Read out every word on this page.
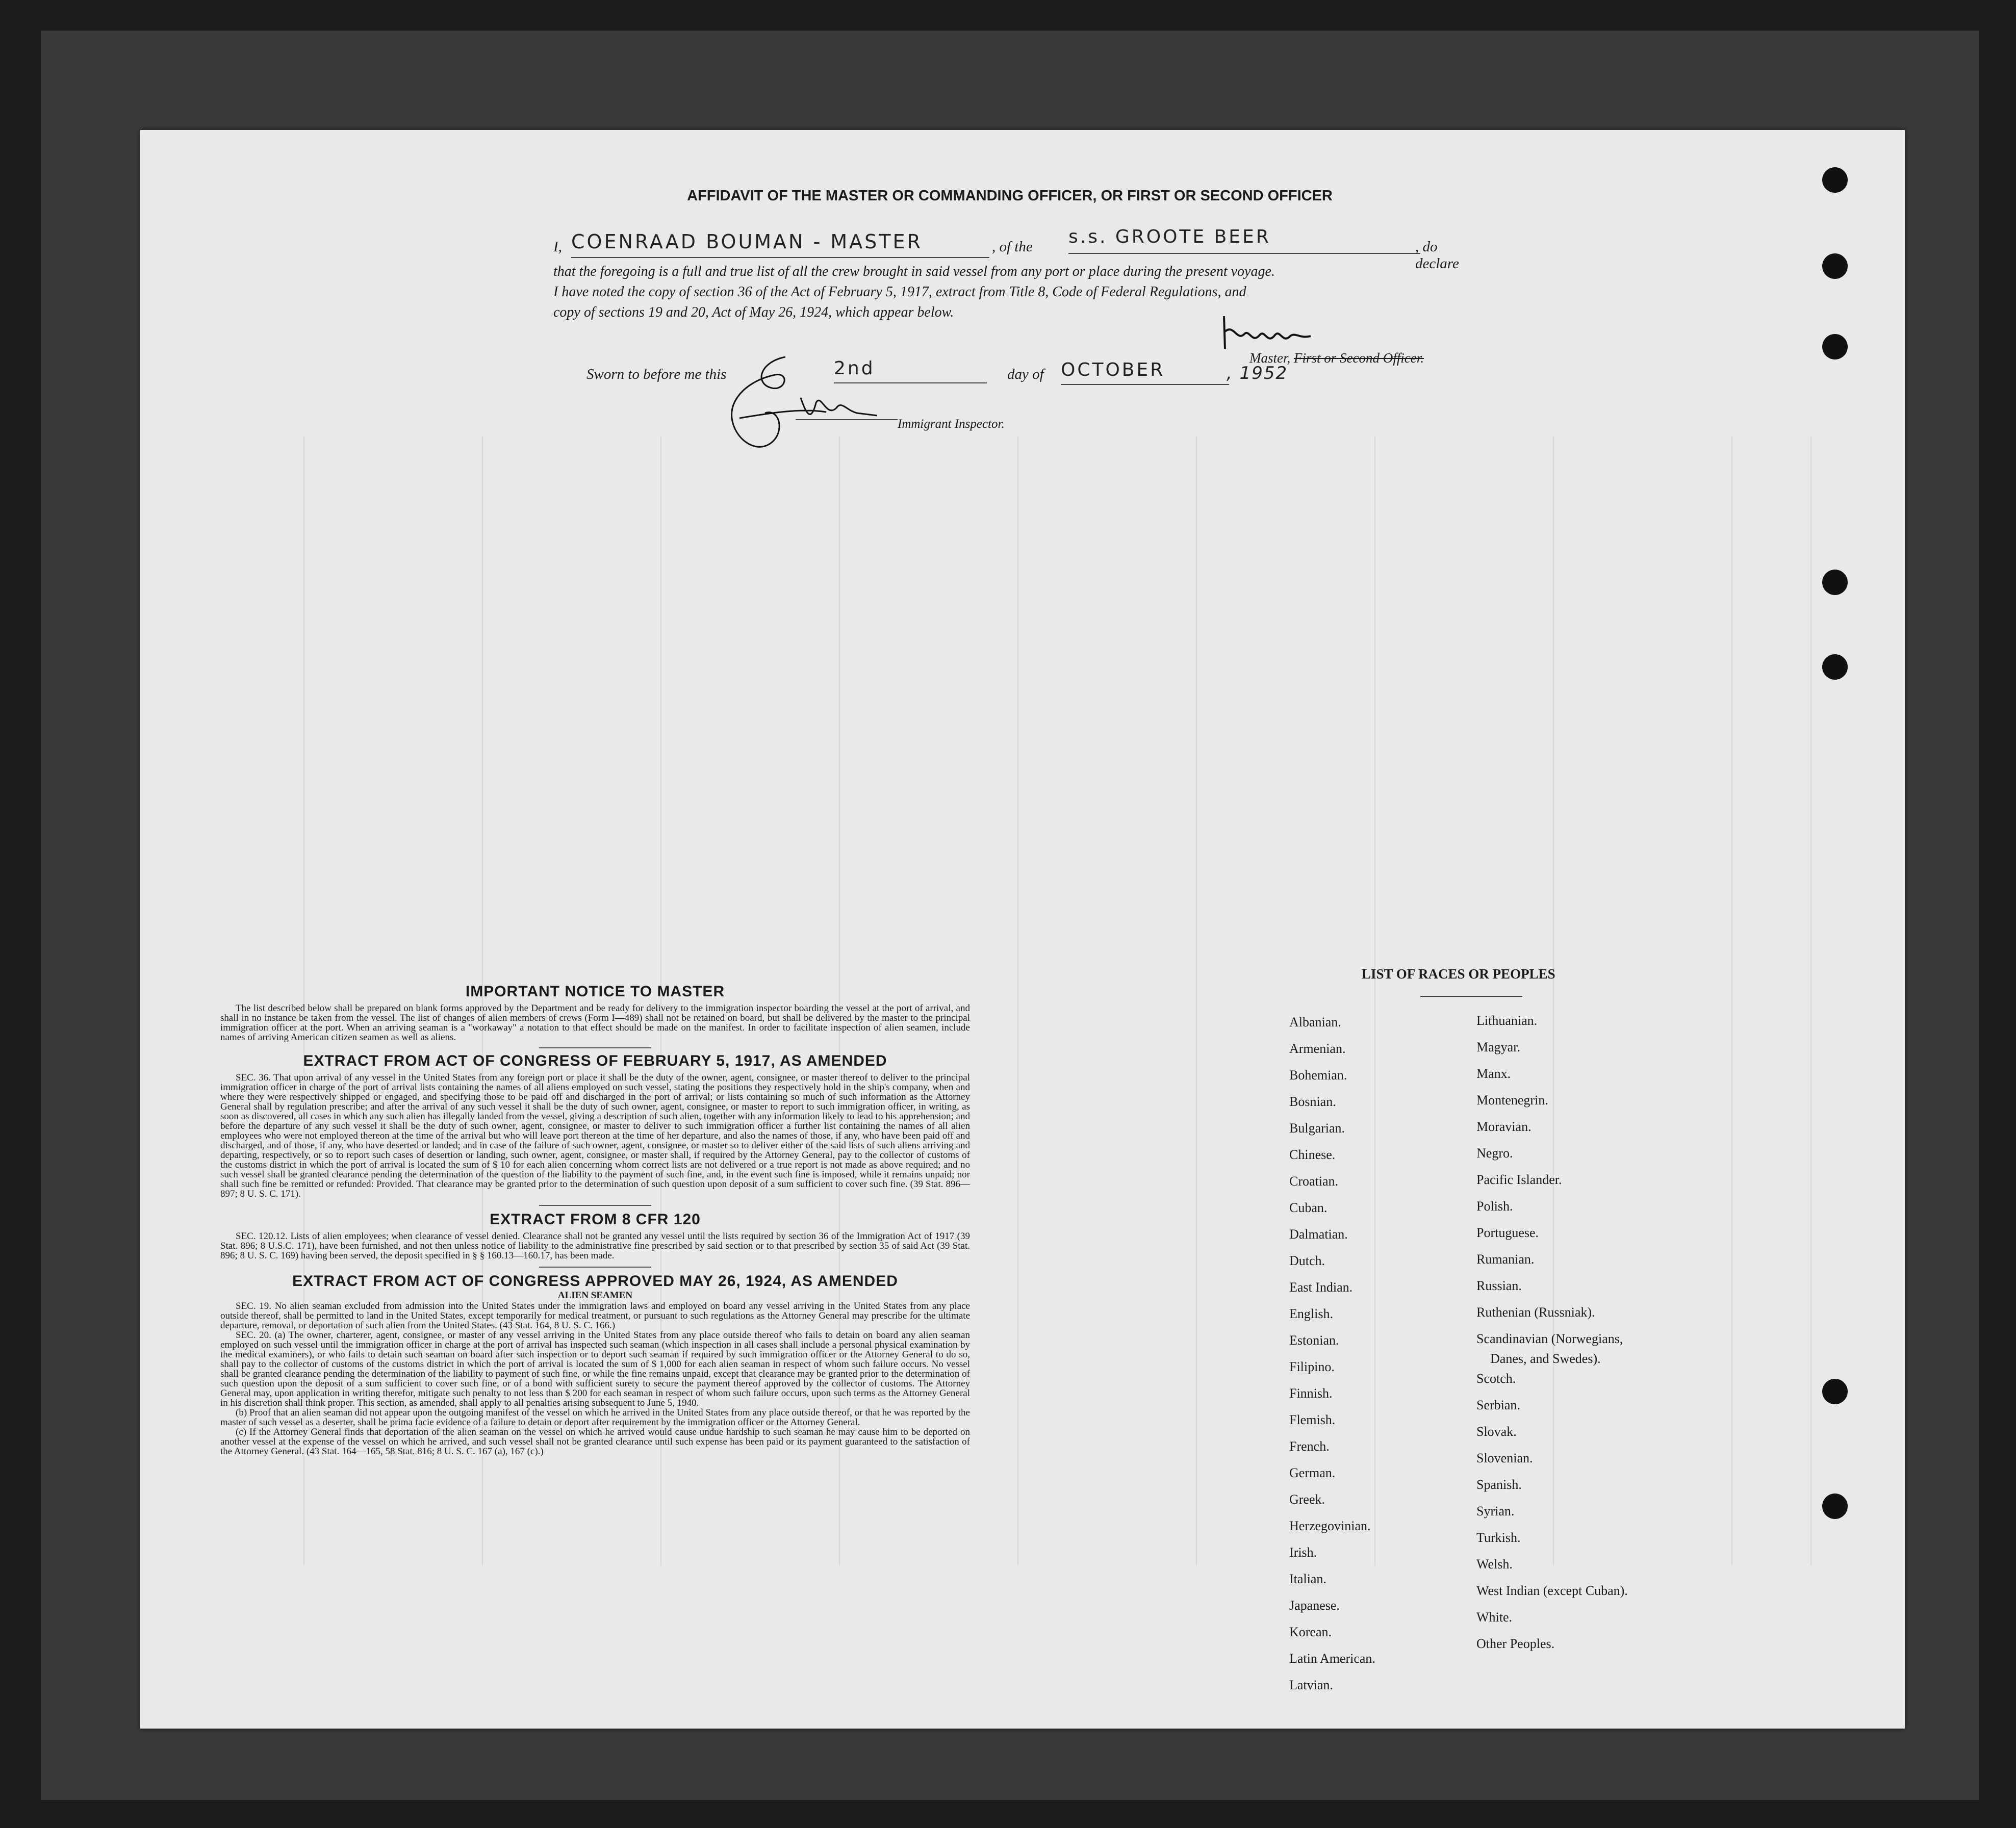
AFFIDAVIT OF THE MASTER OR COMMANDING OFFICER, OR FIRST OR SECOND OFFICER
I, COENRAAD BOUMAN - MASTER	, of the s.s. GROOTE BEER	, do declare
that the foregoing is a full and true list of all the crew brought in said vessel from any port or place during the present voyage.
I have noted the copy of section 36 of the Act of February 5, 1917, extract from Title 8, Code of Federal Regulations, and
copy of sections 19 and 20, Act of May 26, 1924, which appear below.
Master, First or Second Officer.
Sworn to before me this	2nd	day of OCTOBER	, 1952
Immigrant Inspector.
IMPORTANT NOTICE TO MASTER
The list described below shall be prepared on blank forms approved by the Department and be ready for delivery to the immigration inspector boarding the vessel at the port of arrival, and shall in no instance be taken from the vessel. The list of changes of alien members of crews (Form I—489) shall not be retained on board, but shall be delivered by the master to the principal immigration officer at the port. When an arriving seaman is a "workaway" a notation to that effect should be made on the manifest. In order to facilitate inspection of alien seamen, include names of arriving American citizen seamen as well as aliens.
EXTRACT FROM ACT OF CONGRESS OF FEBRUARY 5, 1917, AS AMENDED
SEC. 36. That upon arrival of any vessel in the United States from any foreign port or place it shall be the duty of the owner, agent, consignee, or master thereof to deliver to the principal immigration officer in charge of the port of arrival lists containing the names of all aliens employed on such vessel, stating the positions they respectively hold in the ship's company, when and where they were respectively shipped or engaged, and specifying those to be paid off and discharged in the port of arrival; or lists containing so much of such information as the Attorney General shall by regulation prescribe; and after the arrival of any such vessel it shall be the duty of such owner, agent, consignee, or master to report to such immigration officer, in writing, as soon as discovered, all cases in which any such alien has illegally landed from the vessel, giving a description of such alien, together with any information likely to lead to his apprehension; and before the departure of any such vessel it shall be the duty of such owner, agent, consignee, or master to deliver to such immigration officer a further list containing the names of all alien employees who were not employed thereon at the time of the arrival but who will leave port thereon at the time of her departure, and also the names of those, if any, who have been paid off and discharged, and of those, if any, who have deserted or landed; and in case of the failure of such owner, agent, consignee, or master so to deliver either of the said lists of such aliens arriving and departing, respectively, or so to report such cases of desertion or landing, such owner, agent, consignee, or master shall, if required by the Attorney General, pay to the collector of customs of the customs district in which the port of arrival is located the sum of $ 10 for each alien concerning whom correct lists are not delivered or a true report is not made as above required; and no such vessel shall be granted clearance pending the determination of the question of the liability to the payment of such fine, and, in the event such fine is imposed, while it remains unpaid; nor shall such fine be remitted or refunded: Provided. That clearance may be granted prior to the determination of such question upon deposit of a sum sufficient to cover such fine. (39 Stat. 896—897; 8 U. S. C. 171).
EXTRACT FROM 8 CFR 120
SEC. 120.12. Lists of alien employees; when clearance of vessel denied. Clearance shall not be granted any vessel until the lists required by section 36 of the Immigration Act of 1917 (39 Stat. 896; 8 U.S.C. 171), have been furnished, and not then unless notice of liability to the administrative fine prescribed by said section or to that prescribed by section 35 of said Act (39 Stat. 896; 8 U. S. C. 169) having been served, the deposit specified in § § 160.13—160.17, has been made.
EXTRACT FROM ACT OF CONGRESS APPROVED MAY 26, 1924, AS AMENDED
ALIEN SEAMEN
SEC. 19. No alien seaman excluded from admission into the United States under the immigration laws and employed on board any vessel arriving in the United States from any place outside thereof, shall be permitted to land in the United States, except temporarily for medical treatment, or pursuant to such regulations as the Attorney General may prescribe for the ultimate departure, removal, or deportation of such alien from the United States. (43 Stat. 164, 8 U. S. C. 166.)
SEC. 20. (a) The owner, charterer, agent, consignee, or master of any vessel arriving in the United States from any place outside thereof who fails to detain on board any alien seaman employed on such vessel until the immigration officer in charge at the port of arrival has inspected such seaman (which inspection in all cases shall include a personal physical examination by the medical examiners), or who fails to detain such seaman on board after such inspection or to deport such seaman if required by such immigration officer or the Attorney General to do so, shall pay to the collector of customs of the customs district in which the port of arrival is located the sum of $ 1,000 for each alien seaman in respect of whom such failure occurs. No vessel shall be granted clearance pending the determination of the liability to payment of such fine, or while the fine remains unpaid, except that clearance may be granted prior to the determination of such question upon the deposit of a sum sufficient to cover such fine, or of a bond with sufficient surety to secure the payment thereof approved by the collector of customs. The Attorney General may, upon application in writing therefor, mitigate such penalty to not less than $ 200 for each seaman in respect of whom such failure occurs, upon such terms as the Attorney General in his discretion shall think proper. This section, as amended, shall apply to all penalties arising subsequent to June 5, 1940.
(b) Proof that an alien seaman did not appear upon the outgoing manifest of the vessel on which he arrived in the United States from any place outside thereof, or that he was reported by the master of such vessel as a deserter, shall be prima facie evidence of a failure to detain or deport after requirement by the immigration officer or the Attorney General.
(c) If the Attorney General finds that deportation of the alien seaman on the vessel on which he arrived would cause undue hardship to such seaman he may cause him to be deported on another vessel at the expense of the vessel on which he arrived, and such vessel shall not be granted clearance until such expense has been paid or its payment guaranteed to the satisfaction of the Attorney General. (43 Stat. 164—165, 58 Stat. 816; 8 U. S. C. 167 (a), 167 (c).)
LIST OF RACES OR PEOPLES
Albanian.
Armenian.
Bohemian.
Bosnian.
Bulgarian.
Chinese.
Croatian.
Cuban.
Dalmatian.
Dutch.
East Indian.
English.
Estonian.
Filipino.
Finnish.
Flemish.
French.
German.
Greek.
Herzegovinian.
Irish.
Italian.
Japanese.
Korean.
Latin American.
Latvian.
Lithuanian.
Magyar.
Manx.
Montenegrin.
Moravian.
Negro.
Pacific Islander.
Polish.
Portuguese.
Rumanian.
Russian.
Ruthenian (Russniak).
Scandinavian (Norwegians,
Scotch.
Serbian.
Slovak.
Slovenian.
Spanish.
Syrian.
Turkish.
Welsh.
West Indian (except Cuban).
White.
Other Peoples.
Danes, and Swedes).
